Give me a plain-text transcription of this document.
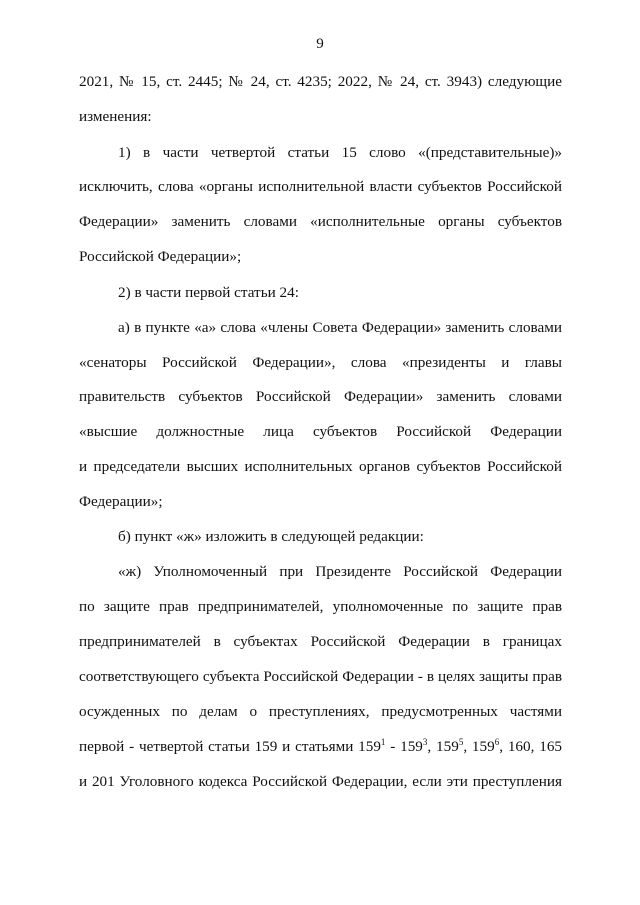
9
2021, № 15, ст. 2445; № 24, ст. 4235; 2022, № 24, ст. 3943) следующие
изменения:
1) в части четвертой статьи 15 слово «(представительные)»
исключить, слова «органы исполнительной власти субъектов Российской
Федерации» заменить словами «исполнительные органы субъектов
Российской Федерации»;
2) в части первой статьи 24:
а) в пункте «а» слова «члены Совета Федерации» заменить словами
«сенаторы Российской Федерации», слова «президенты и главы
правительств субъектов Российской Федерации» заменить словами
«высшие должностные лица субъектов Российской Федерации
и председатели высших исполнительных органов субъектов Российской
Федерации»;
б) пункт «ж» изложить в следующей редакции:
«ж) Уполномоченный при Президенте Российской Федерации
по защите прав предпринимателей, уполномоченные по защите прав
предпринимателей в субъектах Российской Федерации в границах
соответствующего субъекта Российской Федерации - в целях защиты прав
осужденных по делам о преступлениях, предусмотренных частями
первой - четвертой статьи 159 и статьями $159^1 - 159^3$, $159^5$, $159^6$, 160, 165
и 201 Уголовного кодекса Российской Федерации, если эти преступления
